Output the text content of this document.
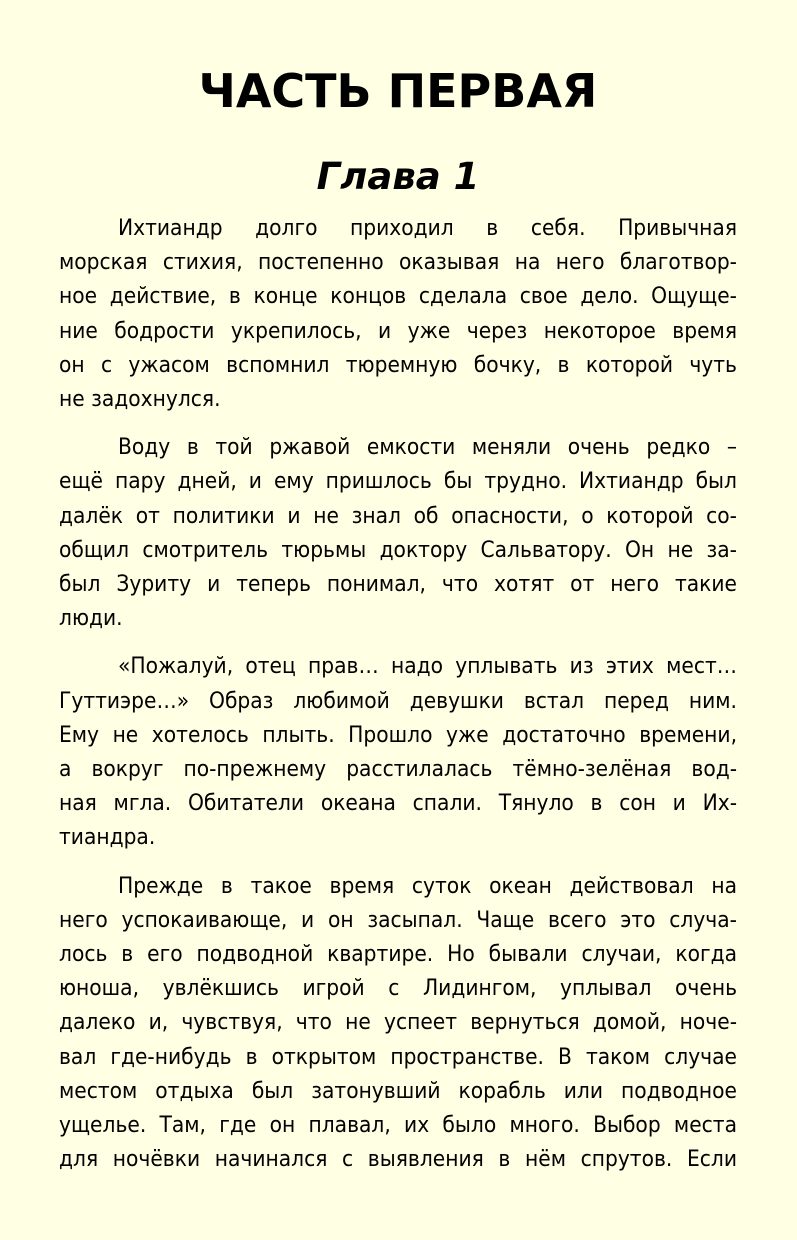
ЧАСТЬ ПЕРВАЯ
Глава 1

Ихтиандр долго приходил в себя. Привычная
морская стихия, постепенно оказывая на него благотвор-
ное действие, в конце концов сделала свое дело. Ощуще-
ние бодрости укрепилось, и уже через некоторое время
он с ужасом вспомнил тюремную бочку, в которой чуть
не задохнулся.

Воду в той ржавой емкости меняли очень редко –
ещё пару дней, и ему пришлось бы трудно. Ихтиандр был
далёк от политики и не знал об опасности, о которой со-
общил смотритель тюрьмы доктору Сальватору. Он не за-
был Зуриту и теперь понимал, что хотят от него такие
люди.

«Пожалуй, отец прав… надо уплывать из этих мест…
Гуттиэре…» Образ любимой девушки встал перед ним.
Ему не хотелось плыть. Прошло уже достаточно времени,
а вокруг по-прежнему расстилалась тёмно-зелёная вод-
ная мгла. Обитатели океана спали. Тянуло в сон и Их-
тиандра.

Прежде в такое время суток океан действовал на
него успокаивающе, и он засыпал. Чаще всего это случа-
лось в его подводной квартире. Но бывали случаи, когда
юноша, увлёкшись игрой с Лидингом, уплывал очень
далеко и, чувствуя, что не успеет вернуться домой, ноче-
вал где-нибудь в открытом пространстве. В таком случае
местом отдыха был затонувший корабль или подводное
ущелье. Там, где он плавал, их было много. Выбор места
для ночёвки начинался с выявления в нём спрутов. Если
